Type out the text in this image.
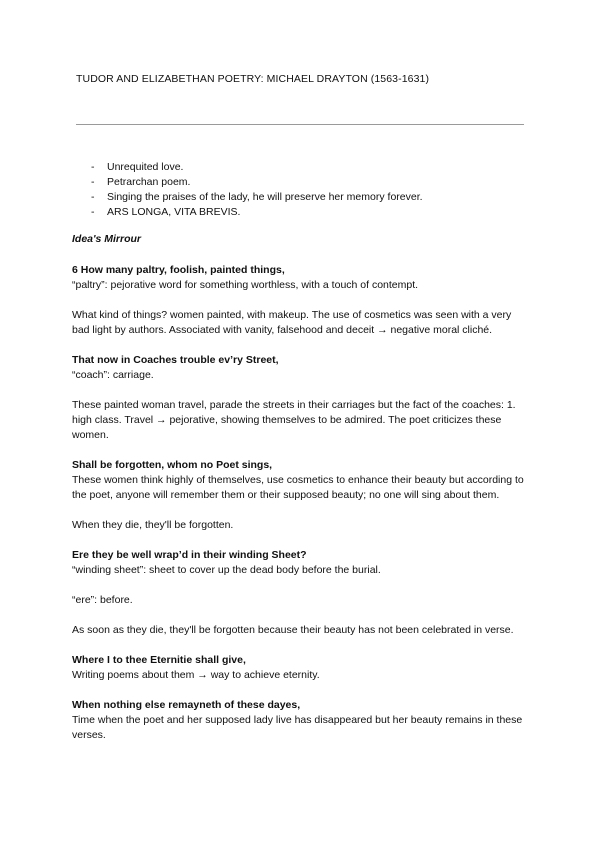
TUDOR AND ELIZABETHAN POETRY: MICHAEL DRAYTON (1563-1631)
- Unrequited love.
- Petrarchan poem.
- Singing the praises of the lady, he will preserve her memory forever.
- ARS LONGA, VITA BREVIS.
Idea's Mirrour

6 How many paltry, foolish, painted things,

“paltry”: pejorative word for something worthless, with a touch of contempt.

What kind of things? women painted, with makeup. The use of cosmetics was seen with a very bad light by authors. Associated with vanity, falsehood and deceit → negative moral cliché.

That now in Coaches trouble ev’ry Street,

“coach”: carriage.

These painted woman travel, parade the streets in their carriages but the fact of the coaches: 1. high class. Travel → pejorative, showing themselves to be admired. The poet criticizes these women.

Shall be forgotten, whom no Poet sings,

These women think highly of themselves, use cosmetics to enhance their beauty but according to the poet, anyone will remember them or their supposed beauty; no one will sing about them.

When they die, they'll be forgotten.

Ere they be well wrap’d in their winding Sheet?

“winding sheet”: sheet to cover up the dead body before the burial.

“ere”: before.

As soon as they die, they'll be forgotten because their beauty has not been celebrated in verse.

Where I to thee Eternitie shall give,

Writing poems about them → way to achieve eternity.

When nothing else remayneth of these dayes,

Time when the poet and her supposed lady live has disappeared but her beauty remains in these verses.
